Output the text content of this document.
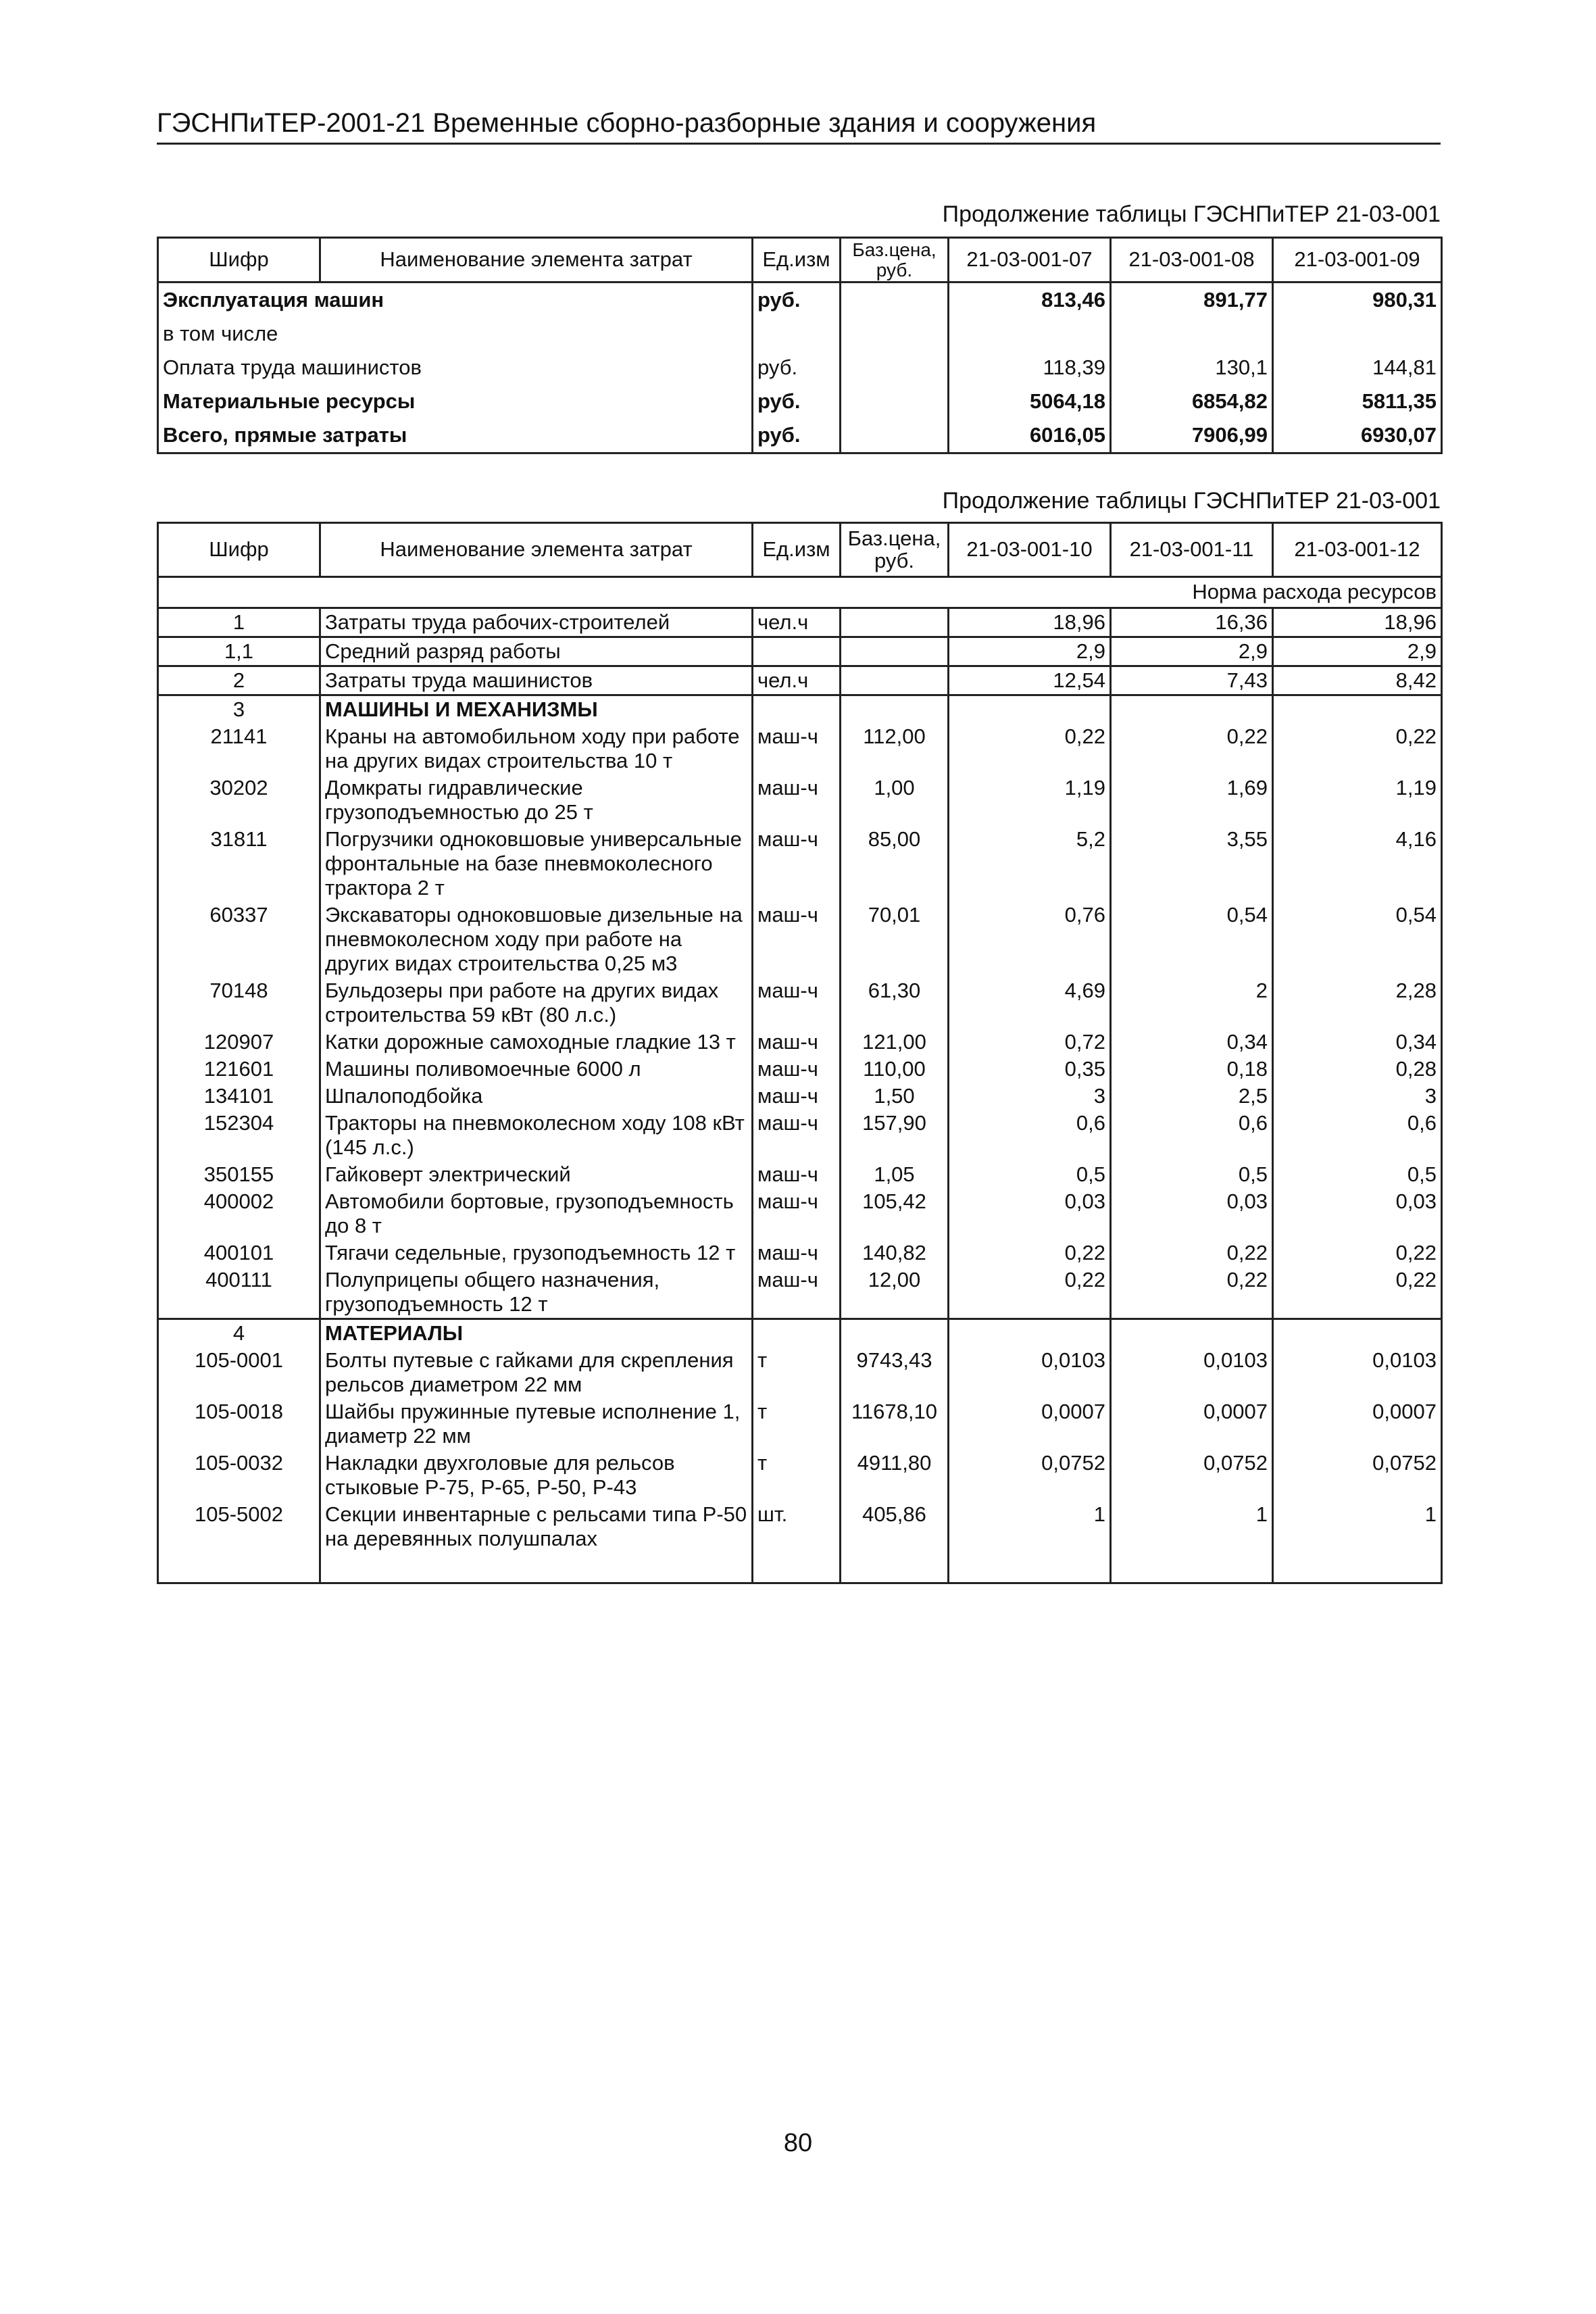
ГЭСНПиТЕР-2001-21 Временные сборно-разборные здания и сооружения
Продолжение таблицы ГЭСНПиТЕР 21-03-001
Шифр	Наименование элемента затрат	Ед.изм	Баз.цена, руб.	21-03-001-07	21-03-001-08	21-03-001-09
Эксплуатация машин		руб.		813,46	891,77	980,31
в том числе						
Оплата труда машинистов		руб.		118,39	130,1	144,81
Материальные ресурсы		руб.		5064,18	6854,82	5811,35
Всего, прямые затраты		руб.		6016,05	7906,99	6930,07
Продолжение таблицы ГЭСНПиТЕР 21-03-001
Шифр	Наименование элемента затрат	Ед.изм	Баз.цена, руб.	21-03-001-10	21-03-001-11	21-03-001-12
Норма расхода ресурсов						
1	Затраты труда рабочих-строителей	чел.ч		18,96	16,36	18,96
1,1	Средний разряд работы			2,9	2,9	2,9
2	Затраты труда машинистов	чел.ч		12,54	7,43	8,42
3	МАШИНЫ И МЕХАНИЗМЫ					
21141	Краны на автомобильном ходу при работе на других видах строительства 10 т	маш-ч	112,00	0,22	0,22	0,22
30202	Домкраты гидравлические грузоподъемностью до 25 т	маш-ч	1,00	1,19	1,69	1,19
31811	Погрузчики одноковшовые универсальные фронтальные на базе пневмоколесного трактора 2 т	маш-ч	85,00	5,2	3,55	4,16
60337	Экскаваторы одноковшовые дизельные на пневмоколесном ходу при работе на других видах строительства 0,25 м3	маш-ч	70,01	0,76	0,54	0,54
70148	Бульдозеры при работе на других видах строительства 59 кВт (80 л.с.)	маш-ч	61,30	4,69	2	2,28
120907	Катки дорожные самоходные гладкие 13 т	маш-ч	121,00	0,72	0,34	0,34
121601	Машины поливомоечные 6000 л	маш-ч	110,00	0,35	0,18	0,28
134101	Шпалоподбойка	маш-ч	1,50	3	2,5	3
152304	Тракторы на пневмоколесном ходу 108 кВт (145 л.с.)	маш-ч	157,90	0,6	0,6	0,6
350155	Гайковерт электрический	маш-ч	1,05	0,5	0,5	0,5
400002	Автомобили бортовые, грузоподъемность до 8 т	маш-ч	105,42	0,03	0,03	0,03
400101	Тягачи седельные, грузоподъемность 12 т	маш-ч	140,82	0,22	0,22	0,22
400111	Полуприцепы общего назначения, грузоподъемность 12 т	маш-ч	12,00	0,22	0,22	0,22
4	МАТЕРИАЛЫ					
105-0001	Болты путевые с гайками для скрепления рельсов диаметром 22 мм	т	9743,43	0,0103	0,0103	0,0103
105-0018	Шайбы пружинные путевые исполнение 1, диаметр 22 мм	т	11678,10	0,0007	0,0007	0,0007
105-0032	Накладки двухголовые для рельсов стыковые Р-75, Р-65, Р-50, Р-43	т	4911,80	0,0752	0,0752	0,0752
105-5002	Секции инвентарные с рельсами типа Р-50 на деревянных полушпалах	шт.	405,86	1	1	1

80
